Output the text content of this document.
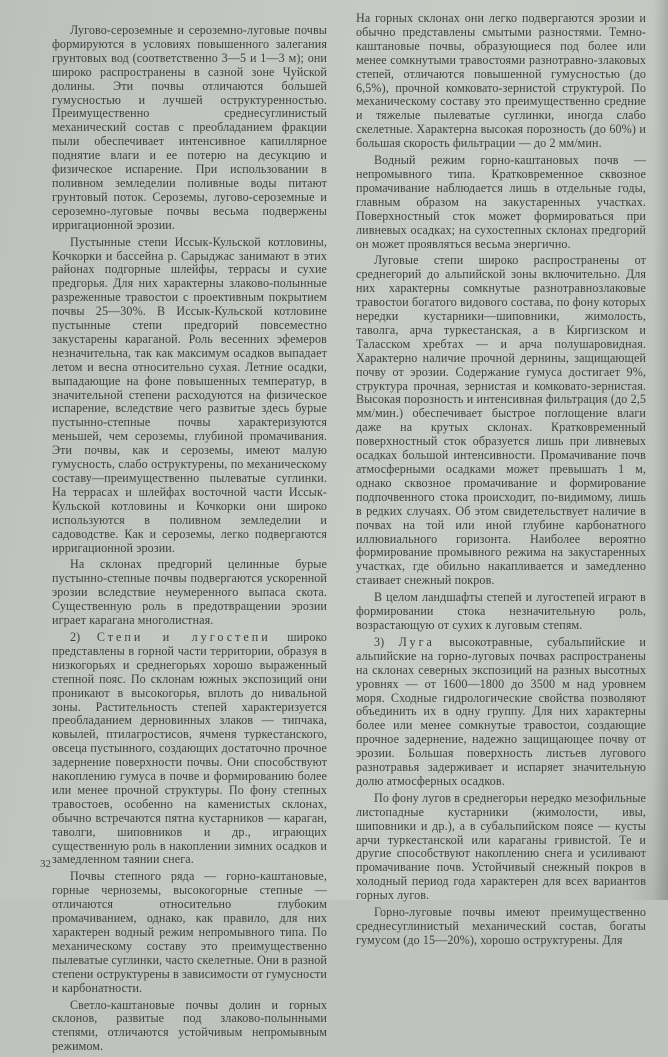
Лугово-сероземные и сероземно-луговые почвы формируются в условиях повышенного залегания грунтовых вод (соответственно 3—5 и 1—3 м); они широко распространены в сазной зоне Чуйской долины. Эти почвы отличаются бо́льшей гумусностью и лучшей оструктуренностью. Преимущественно среднесуглинистый механический состав с преобладанием фракции пыли обеспечивает интенсивное капиллярное поднятие влаги и ее потерю на десукцию и физическое испарение. При использовании в поливном земледелии поливные воды питают грунтовый поток. Сероземы, лугово-сероземные и сероземно-луговые почвы весьма подвержены ирригационной эрозии.

Пустынные степи Иссык-Кульской котловины, Кочкорки и бассейна р. Сарыджас занимают в этих районах подгорные шлейфы, террасы и сухие предгорья. Для них характерны злаково-полынные разреженные травостои с проективным покрытием почвы 25—30%. В Иссык-Кульской котловине пустынные степи предгорий повсеместно закустарены караганой. Роль весенних эфемеров незначительна, так как максимум осадков выпадает летом и весна относительно сухая. Летние осадки, выпадающие на фоне повышенных температур, в значительной степени расходуются на физическое испарение, вследствие чего развитые здесь бурые пустынно-степные почвы характеризуются меньшей, чем сероземы, глубиной промачивания. Эти почвы, как и сероземы, имеют малую гумусность, слабо оструктурены, по механическому составу—преимущественно пылеватые суглинки. На террасах и шлейфах восточной части Иссык-Кульской котловины и Кочкорки они широко используются в поливном земледелии и садоводстве. Как и сероземы, легко подвергаются ирригационной эрозии.

На склонах предгорий целинные бурые пустынно-степные почвы подвергаются ускоренной эрозии вследствие неумеренного выпаса скота. Существенную роль в предотвращении эрозии играет карагана многолистная.

2) Степи и лугостепи широко представлены в горной части территории, образуя в низкогорьях и среднегорьях хорошо выраженный степной пояс. По склонам южных экспозиций они проникают в высокогорья, вплоть до нивальной зоны. Растительность степей характеризуется преобладанием дерновинных злаков — типчака, ковылей, птилагростисов, ячменя туркестанского, овсеца пустынного, создающих достаточно прочное задернение поверхности почвы. Они способствуют накоплению гумуса в почве и формированию более или менее прочной структуры. По фону степных травостоев, особенно на каменистых склонах, обычно встречаются пятна кустарников — караган, таволги, шиповников и др., играющих существенную роль в накоплении зимних осадков и замедленном таянии снега.

Почвы степного ряда — горно-каштановые, горные черноземы, высокогорные степные — отличаются относительно глубоким промачиванием, однако, как правило, для них характерен водный режим непромывного типа. По механическому составу это преимущественно пылеватые суглинки, часто скелетные. Они в разной степени оструктурены в зависимости от гумусности и карбонатности.

Светло-каштановые почвы долин и горных склонов, развитые под злаково-полынными степями, отличаются устойчивым непромывным режимом.

На горных склонах они легко подвергаются эрозии и обычно представлены смытыми разностями. Темно-каштановые почвы, образующиеся под более или менее сомкнутыми травостоями разнотравно-злаковых степей, отличаются повышенной гумусностью (до 6,5%), прочной комковато-зернистой структурой. По механическому составу это преимущественно средние и тяжелые пылеватые суглинки, иногда слабо скелетные. Характерна высокая порозность (до 60%) и большая скорость фильтрации — до 2 мм/мин.

Водный режим горно-каштановых почв — непромывного типа. Кратковременное сквозное промачивание наблюдается лишь в отдельные годы, главным образом на закустаренных участках. Поверхностный сток может формироваться при ливневых осадках; на сухостепных склонах предгорий он может проявляться весьма энергично.

Луговые степи широко распространены от среднегорий до альпийской зоны включительно. Для них характерны сомкнутые разнотравнозлаковые травостои богатого видового состава, по фону которых нередки кустарники—шиповники, жимолость, таволга, арча туркестанская, а в Киргизском и Таласском хребтах — и арча полушаровидная. Характерно наличие прочной дернины, защищающей почву от эрозии. Содержание гумуса достигает 9%, структура прочная, зернистая и комковато-зернистая. Высокая порозность и интенсивная фильтрация (до 2,5 мм/мин.) обеспечивает быстрое поглощение влаги даже на крутых склонах. Кратковременный поверхностный сток образуется лишь при ливневых осадках большой интенсивности. Промачивание почв атмосферными осадками может превышать 1 м, однако сквозное промачивание и формирование подпочвенного стока происходит, по-видимому, лишь в редких случаях. Об этом свидетельствует наличие в почвах на той или иной глубине карбонатного иллювиального горизонта. Наиболее вероятно формирование промывного режима на закустаренных участках, где обильно накапливается и замедленно стаивает снежный покров.

В целом ландшафты степей и лугостепей играют в формировании стока незначительную роль, возрастающую от сухих к луговым степям.

3) Луга высокотравные, субальпийские и альпийские на горно-луговых почвах распространены на склонах северных экспозиций на разных высотных уровнях — от 1600—1800 до 3500 м над уровнем моря. Сходные гидрологические свойства позволяют объединить их в одну группу. Для них характерны более или менее сомкнутые травостои, создающие прочное задернение, надежно защищающее почву от эрозии. Большая поверхность листьев лугового разнотравья задерживает и испаряет значительную долю атмосферных осадков.

По фону лугов в среднегорьи нередко мезофильные листопадные кустарники (жимолости, ивы, шиповники и др.), а в субальпийском поясе — кусты арчи туркестанской или караганы гривистой. Те и другие способствуют накоплению снега и усиливают промачивание почв. Устойчивый снежный покров в холодный период года характерен для всех вариантов горных лугов.

Горно-луговые почвы имеют преимущественно среднесуглинистый механический состав, богаты гумусом (до 15—20%), хорошо оструктурены. Для

32
